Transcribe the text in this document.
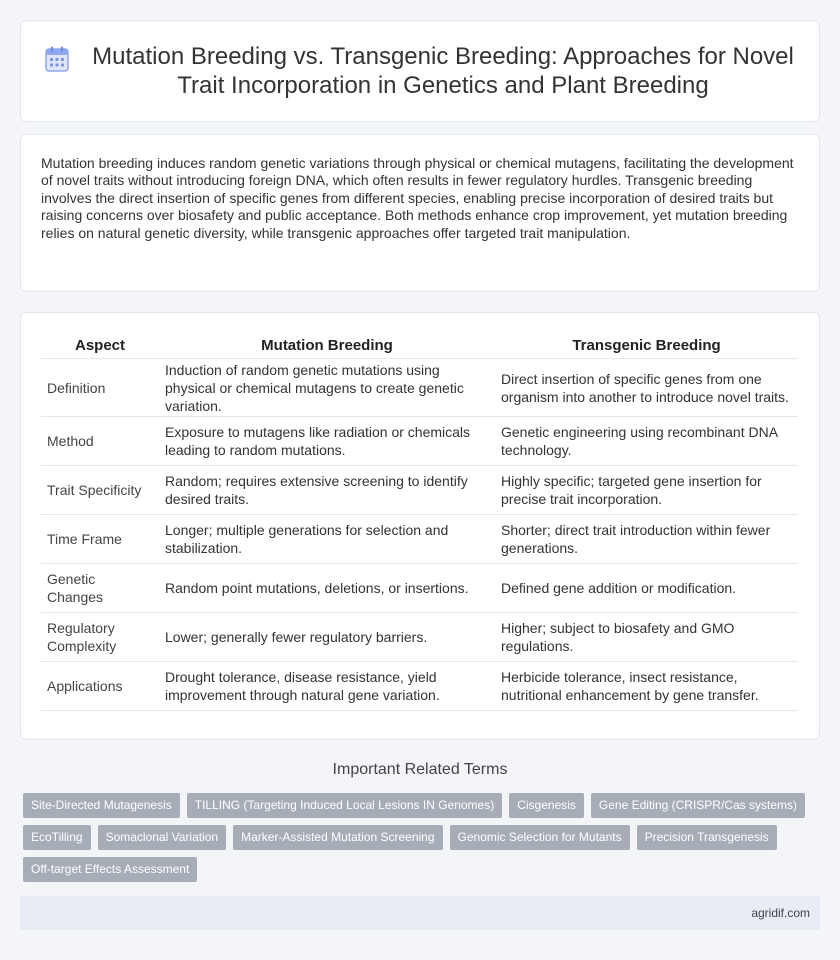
Mutation Breeding vs. Transgenic Breeding: Approaches for Novel Trait Incorporation in Genetics and Plant Breeding

Mutation breeding induces random genetic variations through physical or chemical mutagens, facilitating the development of novel traits without introducing foreign DNA, which often results in fewer regulatory hurdles. Transgenic breeding involves the direct insertion of specific genes from different species, enabling precise incorporation of desired traits but raising concerns over biosafety and public acceptance. Both methods enhance crop improvement, yet mutation breeding relies on natural genetic diversity, while transgenic approaches offer targeted trait manipulation.

Aspect	Mutation Breeding	Transgenic Breeding
Definition	Induction of random genetic mutations using physical or chemical mutagens to create genetic variation.	Direct insertion of specific genes from one organism into another to introduce novel traits.
Method	Exposure to mutagens like radiation or chemicals leading to random mutations.	Genetic engineering using recombinant DNA technology.
Trait Specificity	Random; requires extensive screening to identify desired traits.	Highly specific; targeted gene insertion for precise trait incorporation.
Time Frame	Longer; multiple generations for selection and stabilization.	Shorter; direct trait introduction within fewer generations.
Genetic Changes	Random point mutations, deletions, or insertions.	Defined gene addition or modification.
Regulatory Complexity	Lower; generally fewer regulatory barriers.	Higher; subject to biosafety and GMO regulations.
Applications	Drought tolerance, disease resistance, yield improvement through natural gene variation.	Herbicide tolerance, insect resistance, nutritional enhancement by gene transfer.
Important Related Terms
Site-Directed Mutagenesis	TILLING (Targeting Induced Local Lesions IN Genomes)	Cisgenesis	Gene Editing (CRISPR/Cas systems)
EcoTilling	Somaclonal Variation	Marker-Assisted Mutation Screening	Genomic Selection for Mutants	Precision Transgenesis
Off-target Effects Assessment
agridif.com
